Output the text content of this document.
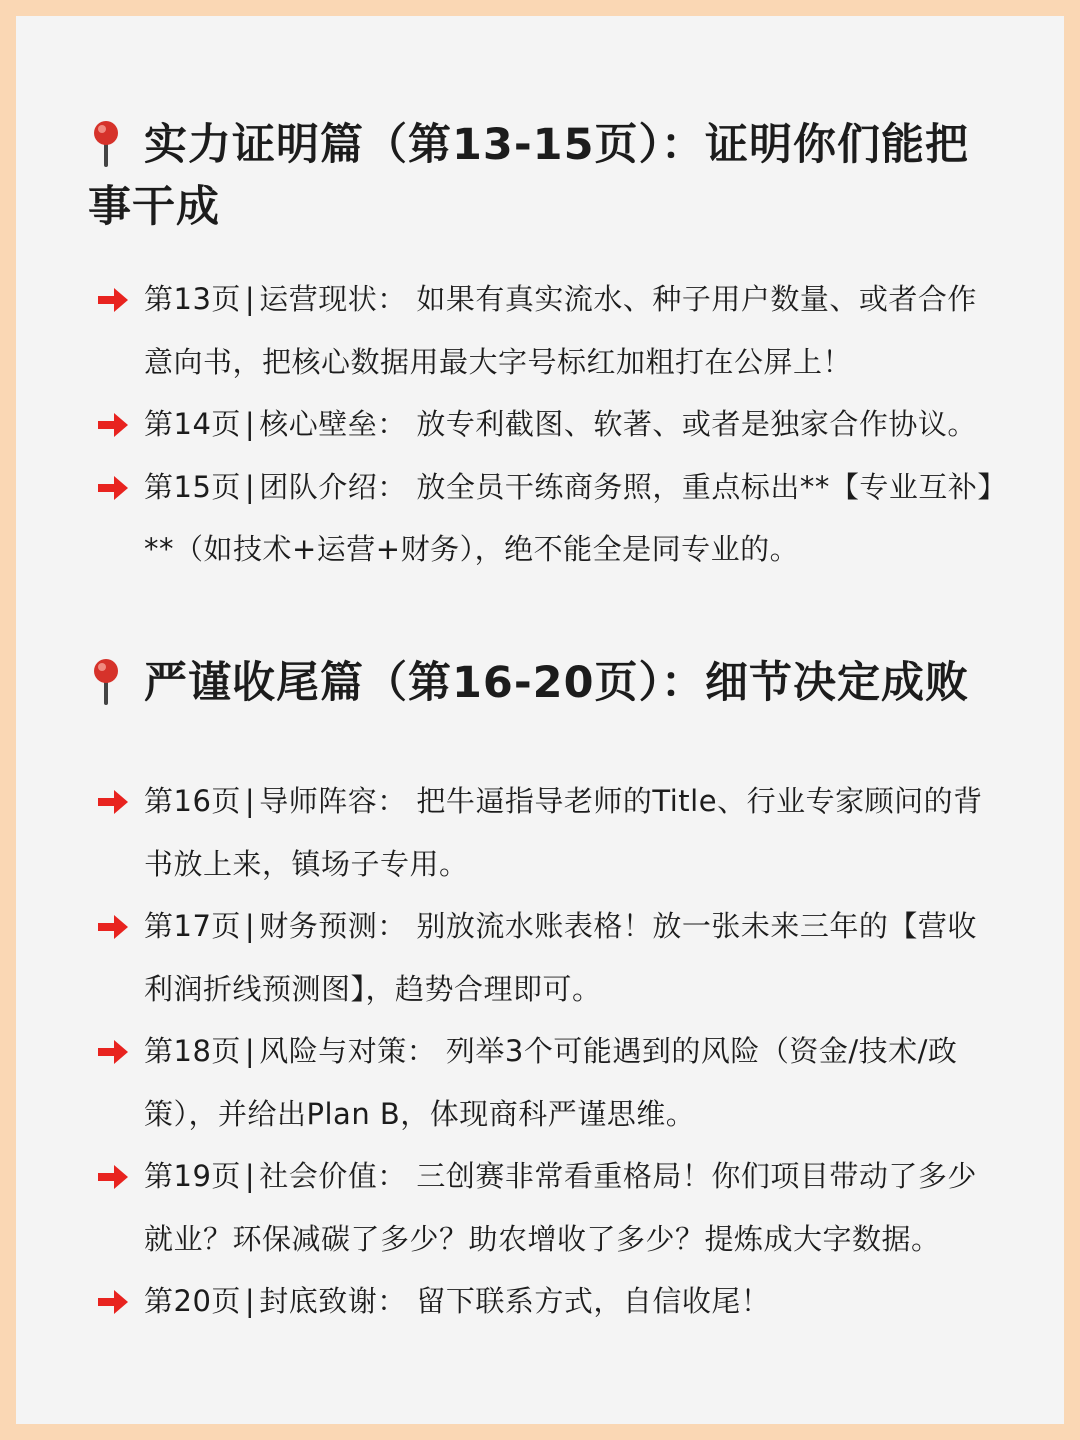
实力证明篇（第13-15页）：证明你们能把事干成
第13页 | 运营现状： 如果有真实流水、种子用户数量、或者合作意向书，把核心数据用最大字号标红加粗打在公屏上！
第14页 | 核心壁垒： 放专利截图、软著、或者是独家合作协议。
第15页 | 团队介绍： 放全员干练商务照，重点标出**【专业互补】**（如技术+运营+财务），绝不能全是同专业的。
严谨收尾篇（第16-20页）：细节决定成败
第16页 | 导师阵容： 把牛逼指导老师的Title、行业专家顾问的背书放上来，镇场子专用。
第17页 | 财务预测： 别放流水账表格！放一张未来三年的【营收利润折线预测图】，趋势合理即可。
第18页 | 风险与对策： 列举3个可能遇到的风险（资金/技术/政策），并给出Plan B，体现商科严谨思维。
第19页 | 社会价值： 三创赛非常看重格局！你们项目带动了多少就业？环保减碳了多少？助农增收了多少？提炼成大字数据。
第20页 | 封底致谢： 留下联系方式，自信收尾！
